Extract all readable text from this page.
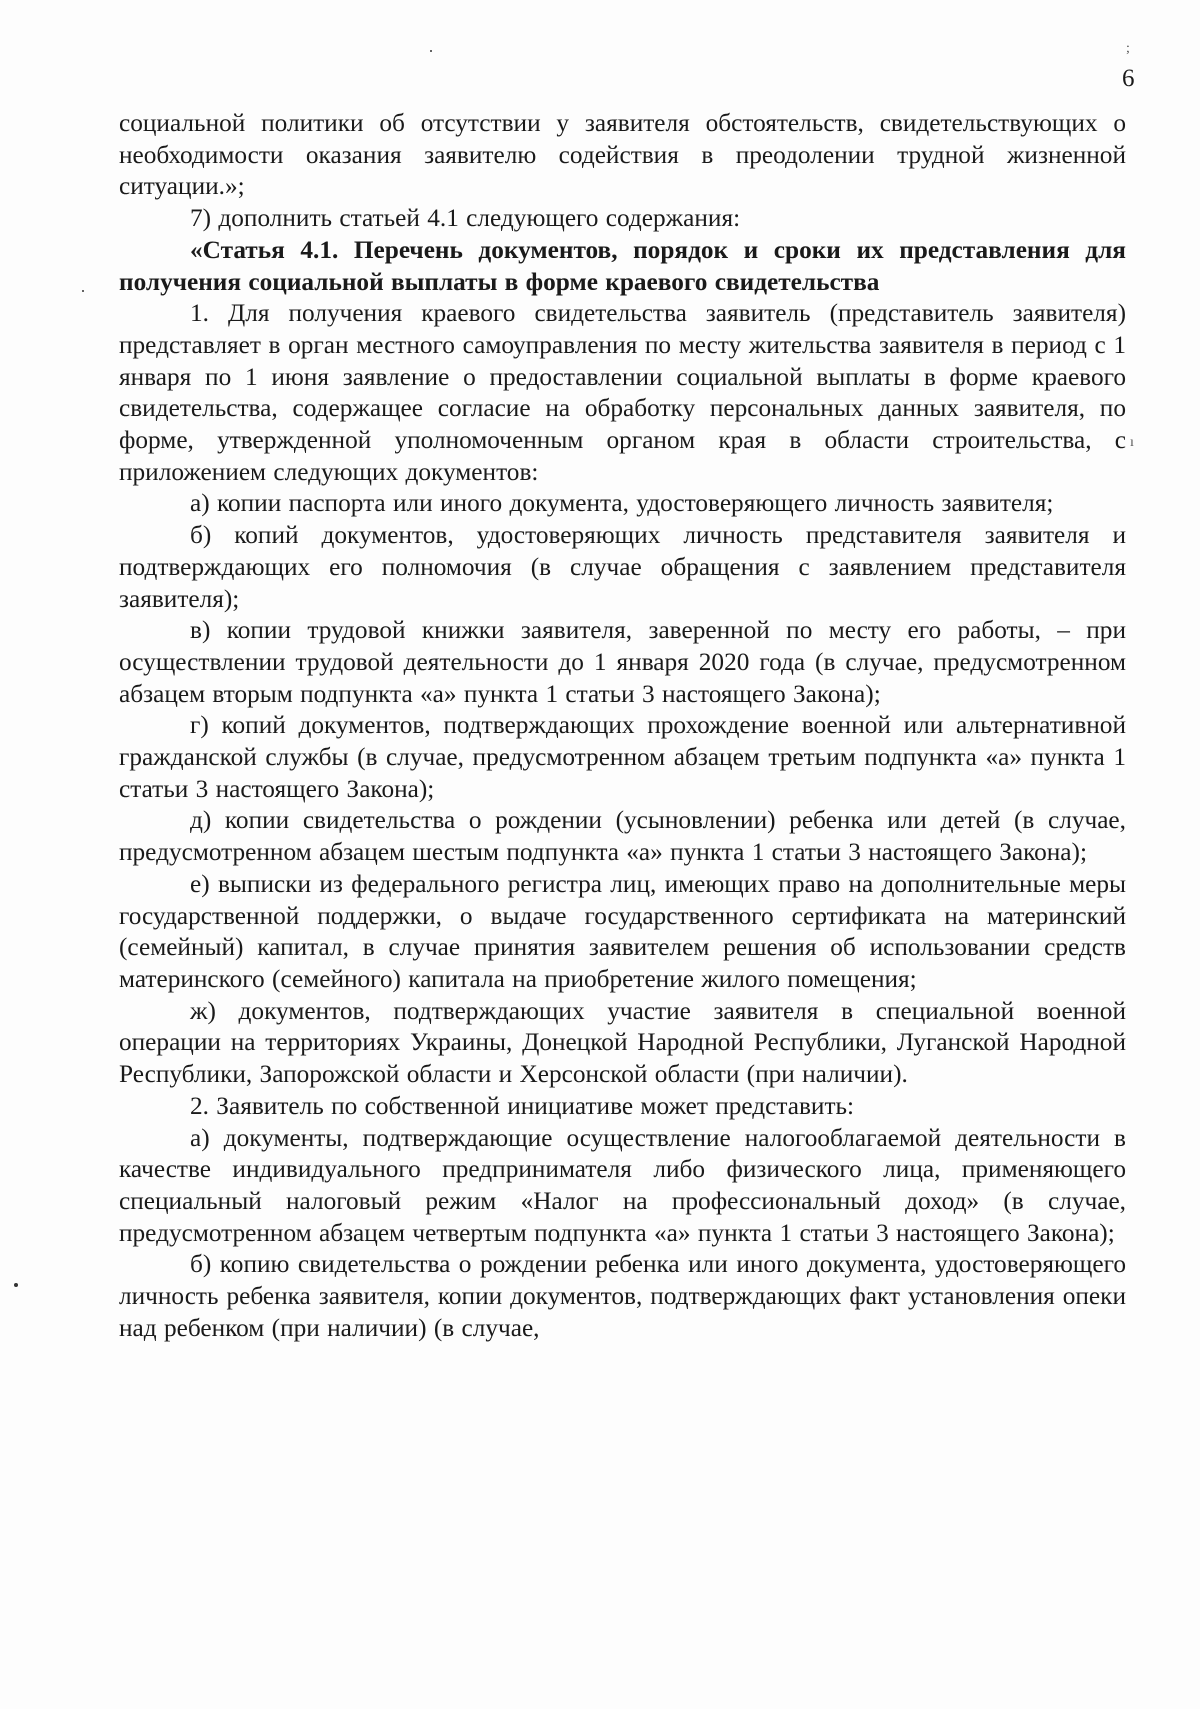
6
;
ı

социальной политики об отсутствии у заявителя обстоятельств, свидетельствующих о необходимости оказания заявителю содействия в преодолении трудной жизненной ситуации.»;

7) дополнить статьей 4.1 следующего содержания:

«Статья 4.1. Перечень документов, порядок и сроки их представления для получения социальной выплаты в форме краевого свидетельства

1. Для получения краевого свидетельства заявитель (представитель заявителя) представляет в орган местного самоуправления по месту жительства заявителя в период с 1 января по 1 июня заявление о предоставлении социальной выплаты в форме краевого свидетельства, содержащее согласие на обработку персональных данных заявителя, по форме, утвержденной уполномоченным органом края в области строительства, с приложением следующих документов:

а) копии паспорта или иного документа, удостоверяющего личность заявителя;

б) копий документов, удостоверяющих личность представителя заявителя и подтверждающих его полномочия (в случае обращения с заявлением представителя заявителя);

в) копии трудовой книжки заявителя, заверенной по месту его работы, – при осуществлении трудовой деятельности до 1 января 2020 года (в случае, предусмотренном абзацем вторым подпункта «а» пункта 1 статьи 3 настоящего Закона);

г) копий документов, подтверждающих прохождение военной или альтернативной гражданской службы (в случае, предусмотренном абзацем третьим подпункта «а» пункта 1 статьи 3 настоящего Закона);

д) копии свидетельства о рождении (усыновлении) ребенка или детей (в случае, предусмотренном абзацем шестым подпункта «а» пункта 1 статьи 3 настоящего Закона);

е) выписки из федерального регистра лиц, имеющих право на дополнительные меры государственной поддержки, о выдаче государственного сертификата на материнский (семейный) капитал, в случае принятия заявителем решения об использовании средств материнского (семейного) капитала на приобретение жилого помещения;

ж) документов, подтверждающих участие заявителя в специальной военной операции на территориях Украины, Донецкой Народной Республики, Луганской Народной Республики, Запорожской области и Херсонской области (при наличии).

2. Заявитель по собственной инициативе может представить:

а) документы, подтверждающие осуществление налогооблагаемой деятельности в качестве индивидуального предпринимателя либо физического лица, применяющего специальный налоговый режим «Налог на профессиональный доход» (в случае, предусмотренном абзацем четвертым подпункта «а» пункта 1 статьи 3 настоящего Закона);

б) копию свидетельства о рождении ребенка или иного документа, удостоверяющего личность ребенка заявителя, копии документов, подтверждающих факт установления опеки над ребенком (при наличии) (в случае,
